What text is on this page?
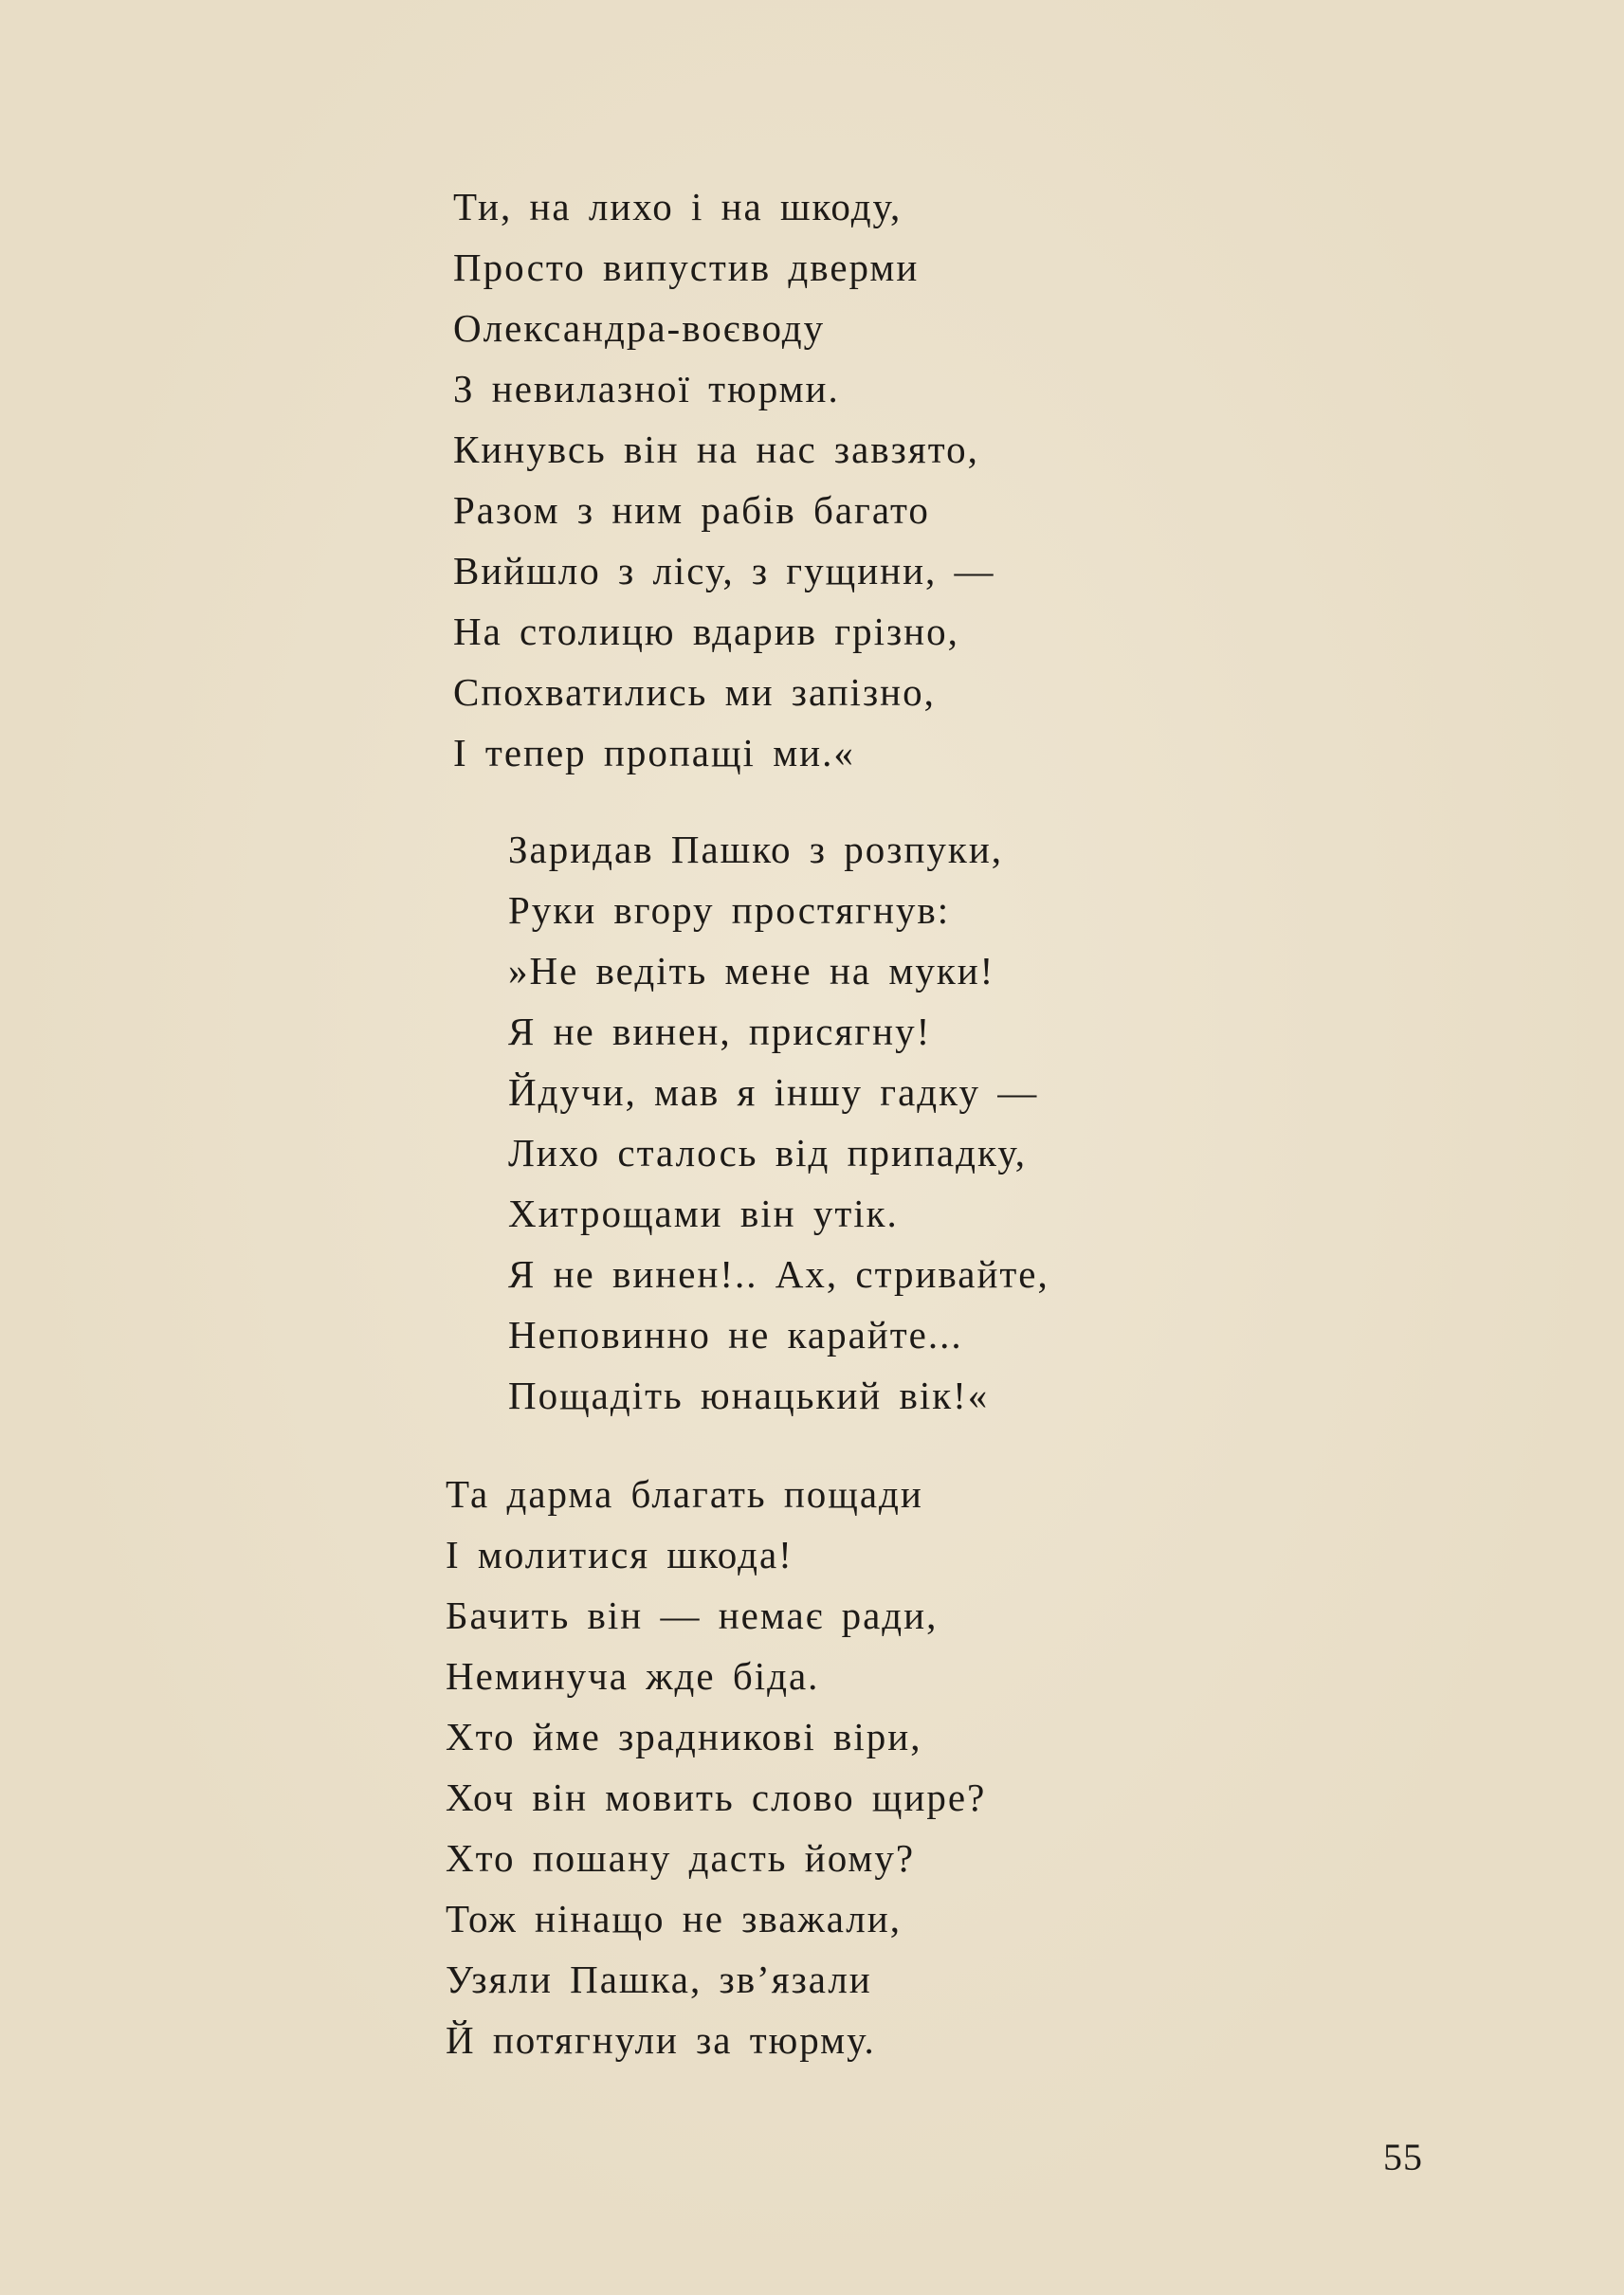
Ти, на лихо і на шкоду,
Просто випустив дверми
Олександра-воєводу
З невилазної тюрми.
Кинувсь він на нас завзято,
Разом з ним рабів багато
Вийшло з лісу, з гущини, —
На столицю вдарив грізно,
Спохватились ми запізно,
І тепер пропащі ми.«
Заридав Пашко з розпуки,
Руки вгору простягнув:
»Не ведіть мене на муки!
Я не винен, присягну!
Йдучи, мав я іншу гадку —
Лихо сталось від припадку,
Хитрощами він утік.
Я не винен!.. Ах, стривайте,
Неповинно не карайте...
Пощадіть юнацький вік!«
Та дарма благать пощади
І молитися шкода!
Бачить він — немає ради,
Неминуча жде біда.
Хто йме зрадникові віри,
Хоч він мовить слово щире?
Хто пошану дасть йому?
Тож нінащо не зважали,
Узяли Пашка, зв’язали
Й потягнули за тюрму.
55
